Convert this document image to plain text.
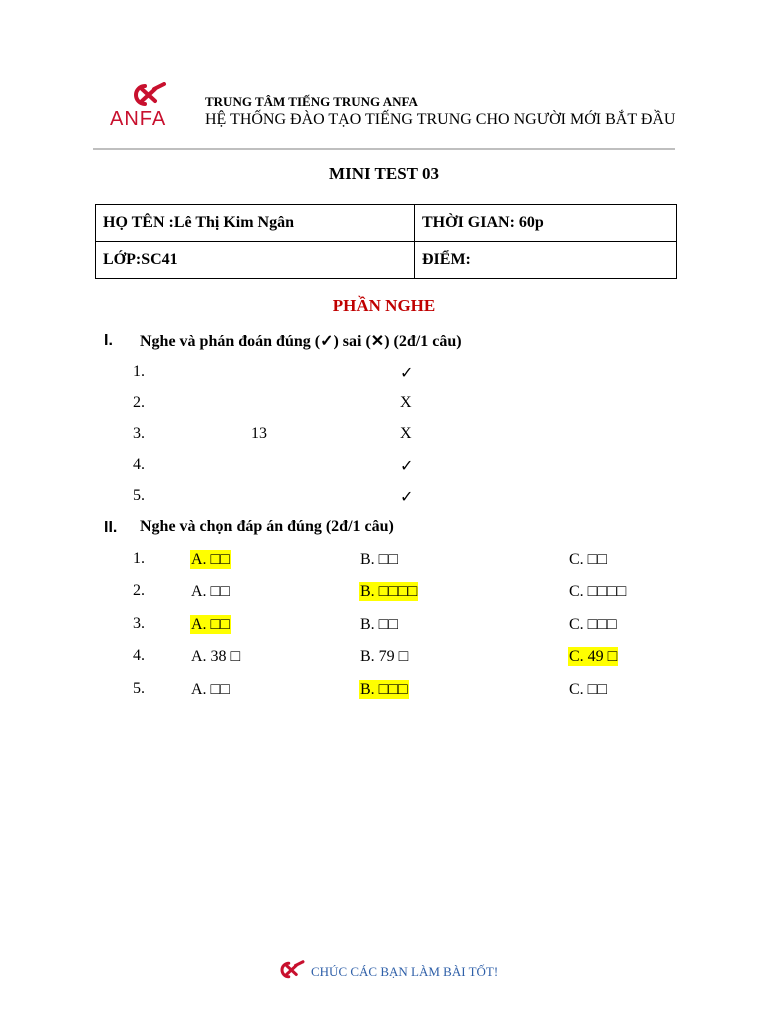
ANFA
TRUNG TÂM TIẾNG TRUNG ANFA
HỆ THỐNG ĐÀO TẠO TIẾNG TRUNG CHO NGƯỜI MỚI BẮT ĐẦU
MINI TEST 03
HỌ TÊN :Lê Thị Kim Ngân	THỜI GIAN: 60p
LỚP:SC41	ĐIỂM:
PHẦN NGHE
I. Nghe và phán đoán đúng (✓) sai (✕) (2đ/1 câu)
1.	✓
2.	X
3.	13	X
4.	✓
5.	✓
II. Nghe và chọn đáp án đúng (2đ/1 câu)
1.	A. □□	B. □□	C. □□
2.	A. □□	B. □□□□	C. □□□□
3.	A. □□	B. □□	C. □□□
4.	A. 38 □	B. 79 □	C. 49 □
5.	A. □□	B. □□□	C. □□
CHÚC CÁC BẠN LÀM BÀI TỐT!
